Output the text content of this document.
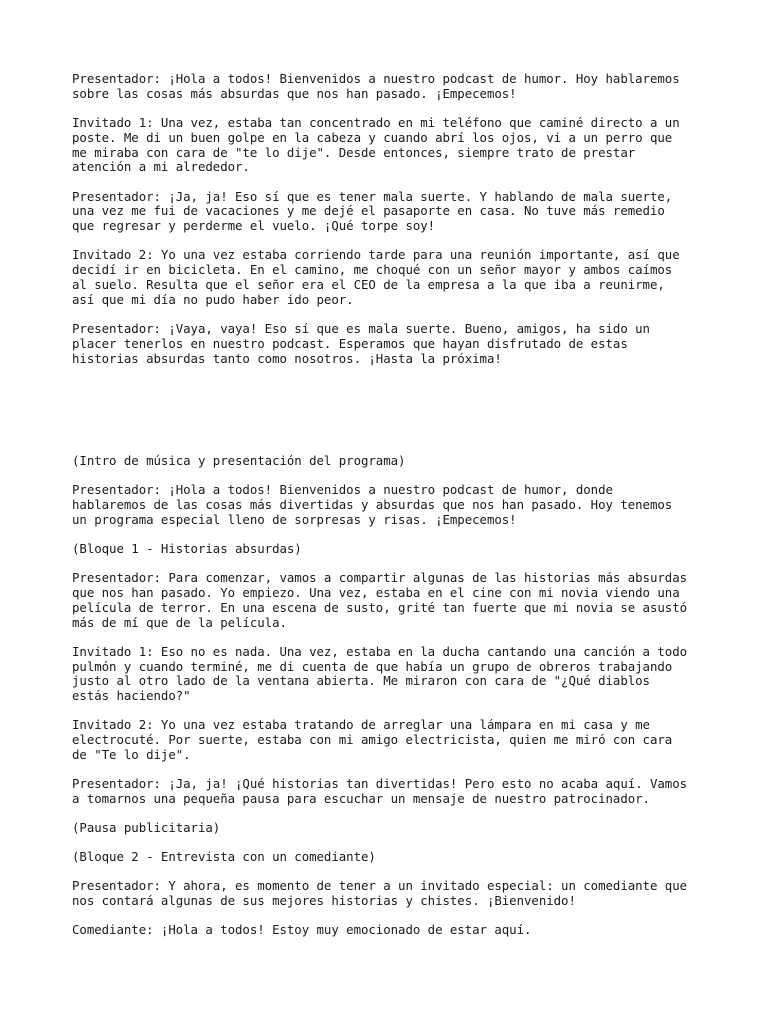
Presentador: ¡Hola a todos! Bienvenidos a nuestro podcast de humor. Hoy hablaremos
sobre las cosas más absurdas que nos han pasado. ¡Empecemos!

Invitado 1: Una vez, estaba tan concentrado en mi teléfono que caminé directo a un
poste. Me di un buen golpe en la cabeza y cuando abrí los ojos, vi a un perro que
me miraba con cara de "te lo dije". Desde entonces, siempre trato de prestar
atención a mi alrededor.

Presentador: ¡Ja, ja! Eso sí que es tener mala suerte. Y hablando de mala suerte,
una vez me fui de vacaciones y me dejé el pasaporte en casa. No tuve más remedio
que regresar y perderme el vuelo. ¡Qué torpe soy!

Invitado 2: Yo una vez estaba corriendo tarde para una reunión importante, así que
decidí ir en bicicleta. En el camino, me choqué con un señor mayor y ambos caímos
al suelo. Resulta que el señor era el CEO de la empresa a la que iba a reunirme,
así que mi día no pudo haber ido peor.

Presentador: ¡Vaya, vaya! Eso sí que es mala suerte. Bueno, amigos, ha sido un
placer tenerlos en nuestro podcast. Esperamos que hayan disfrutado de estas
historias absurdas tanto como nosotros. ¡Hasta la próxima!

(Intro de música y presentación del programa)

Presentador: ¡Hola a todos! Bienvenidos a nuestro podcast de humor, donde
hablaremos de las cosas más divertidas y absurdas que nos han pasado. Hoy tenemos
un programa especial lleno de sorpresas y risas. ¡Empecemos!

(Bloque 1 - Historias absurdas)

Presentador: Para comenzar, vamos a compartir algunas de las historias más absurdas
que nos han pasado. Yo empiezo. Una vez, estaba en el cine con mi novia viendo una
película de terror. En una escena de susto, grité tan fuerte que mi novia se asustó
más de mí que de la película.

Invitado 1: Eso no es nada. Una vez, estaba en la ducha cantando una canción a todo
pulmón y cuando terminé, me di cuenta de que había un grupo de obreros trabajando
justo al otro lado de la ventana abierta. Me miraron con cara de "¿Qué diablos
estás haciendo?"

Invitado 2: Yo una vez estaba tratando de arreglar una lámpara en mi casa y me
electrocuté. Por suerte, estaba con mi amigo electricista, quien me miró con cara
de "Te lo dije".

Presentador: ¡Ja, ja! ¡Qué historias tan divertidas! Pero esto no acaba aquí. Vamos
a tomarnos una pequeña pausa para escuchar un mensaje de nuestro patrocinador.

(Pausa publicitaria)

(Bloque 2 - Entrevista con un comediante)

Presentador: Y ahora, es momento de tener a un invitado especial: un comediante que
nos contará algunas de sus mejores historias y chistes. ¡Bienvenido!

Comediante: ¡Hola a todos! Estoy muy emocionado de estar aquí.
